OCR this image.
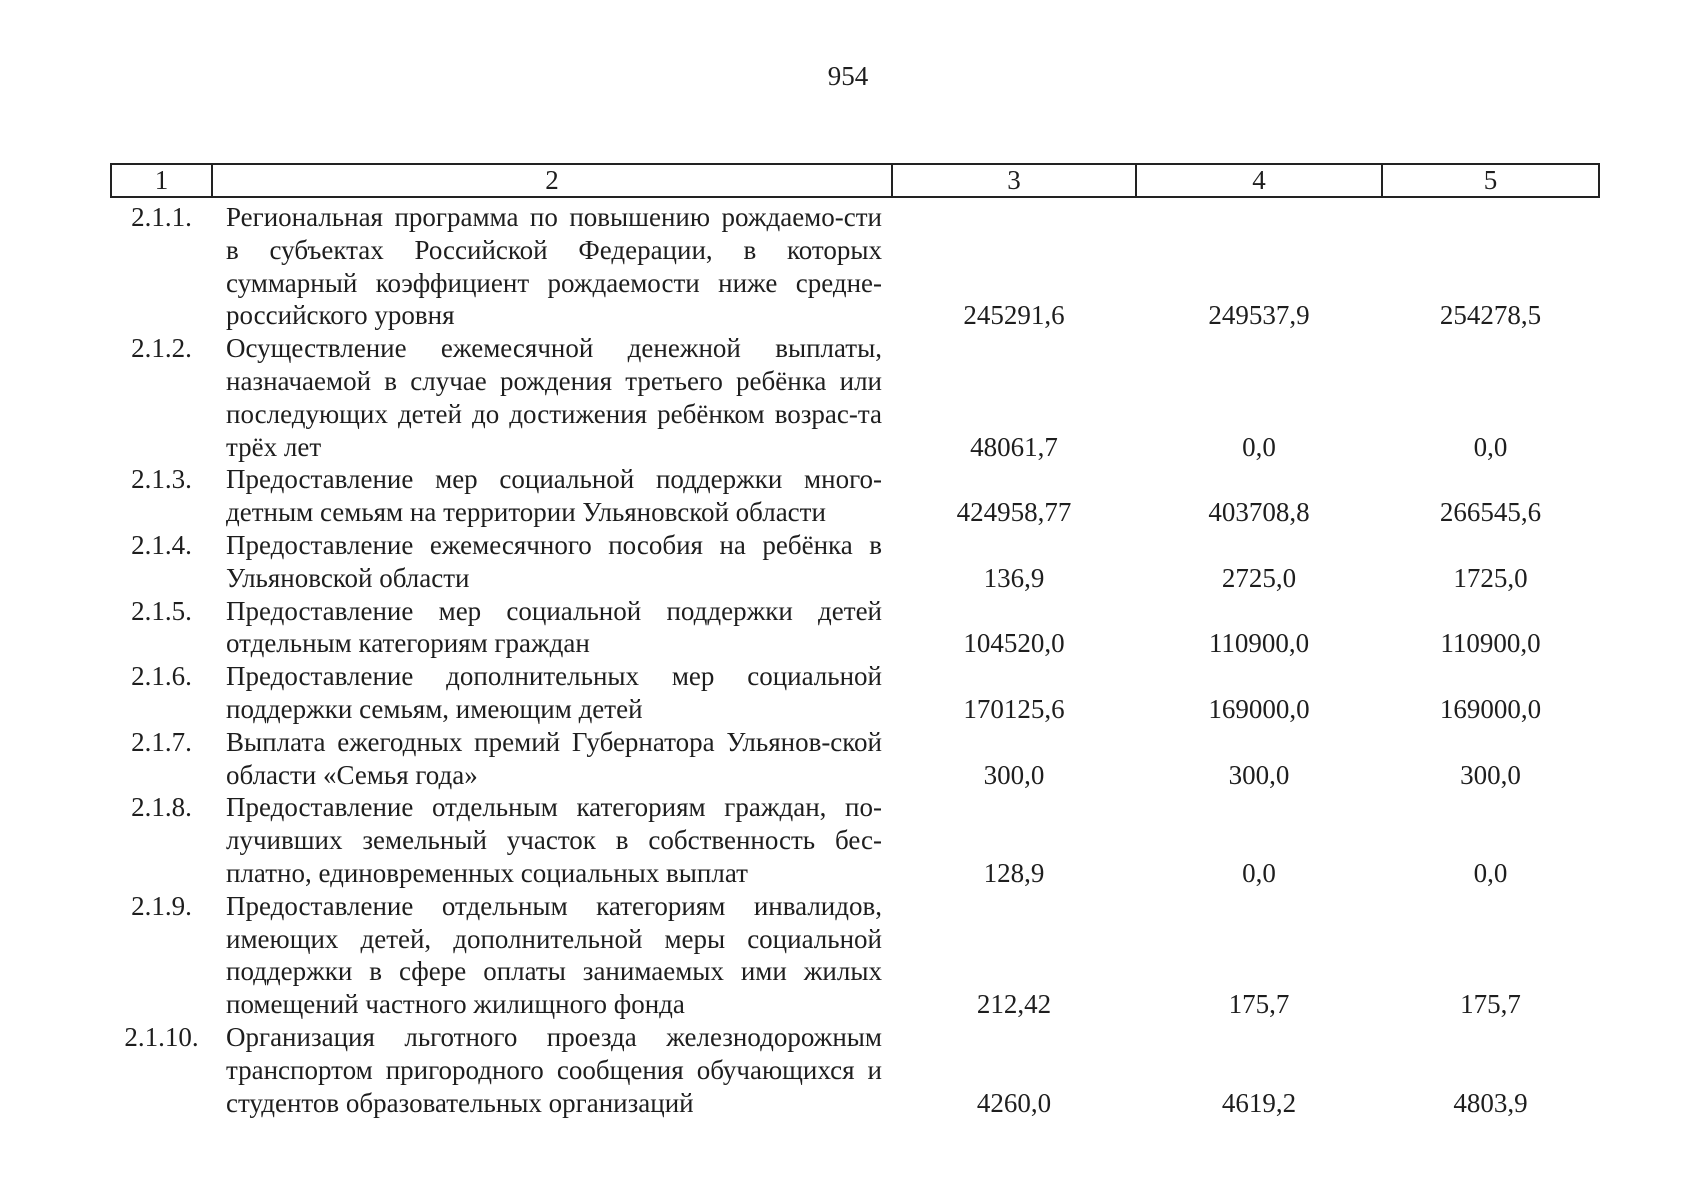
954
1	2	3	4	5
2.1.1.	Региональная программа по повышению рождаемо-сти в субъектах Российской Федерации, в которых суммарный коэффициент рождаемости ниже средне-российского уровня	245291,6	249537,9	254278,5
2.1.2.	Осуществление ежемесячной денежной выплаты, назначаемой в случае рождения третьего ребёнка или последующих детей до достижения ребёнком возрас-та трёх лет	48061,7	0,0	0,0
2.1.3.	Предоставление мер социальной поддержки много-детным семьям на территории Ульяновской области	424958,77	403708,8	266545,6
2.1.4.	Предоставление ежемесячного пособия на ребёнка в Ульяновской области	136,9	2725,0	1725,0
2.1.5.	Предоставление мер социальной поддержки детей отдельным категориям граждан	104520,0	110900,0	110900,0
2.1.6.	Предоставление дополнительных мер социальной поддержки семьям, имеющим детей	170125,6	169000,0	169000,0
2.1.7.	Выплата ежегодных премий Губернатора Ульянов-ской области «Семья года»	300,0	300,0	300,0
2.1.8.	Предоставление отдельным категориям граждан, по-лучивших земельный участок в собственность бес-платно, единовременных социальных выплат	128,9	0,0	0,0
2.1.9.	Предоставление отдельным категориям инвалидов, имеющих детей, дополнительной меры социальной поддержки в сфере оплаты занимаемых ими жилых помещений частного жилищного фонда	212,42	175,7	175,7
2.1.10.	Организация льготного проезда железнодорожным транспортом пригородного сообщения обучающихся и студентов образовательных организаций	4260,0	4619,2	4803,9
